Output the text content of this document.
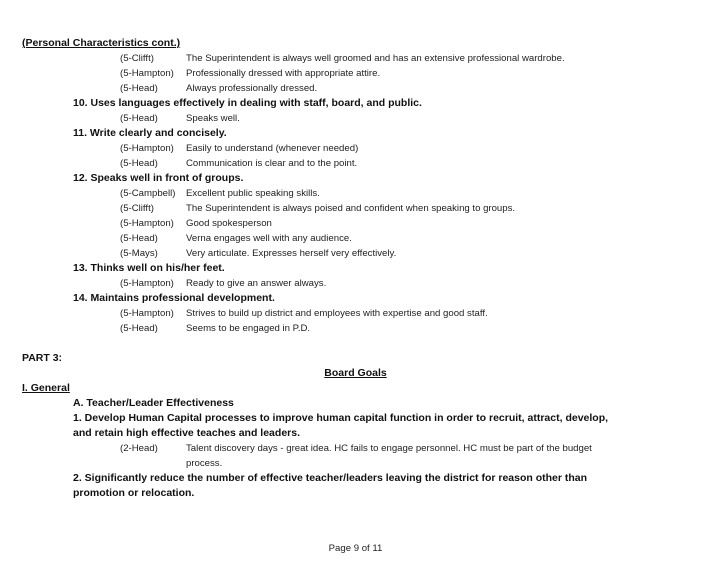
(Personal Characteristics cont.)
(5-Clifft)	The Superintendent is always well groomed and has an extensive professional wardrobe.
(5-Hampton) Professionally dressed with appropriate attire.
(5-Head)	Always professionally dressed.
10. Uses languages effectively in dealing with staff, board, and public.
(5-Head)	Speaks well.
11. Write clearly and concisely.
(5-Hampton) Easily to understand (whenever needed)
(5-Head)	Communication is clear and to the point.
12. Speaks well in front of groups.
(5-Campbell) Excellent public speaking skills.
(5-Clifft)	The Superintendent is always poised and confident when speaking to groups.
(5-Hampton) Good spokesperson
(5-Head)	Verna engages well with any audience.
(5-Mays)	Very articulate. Expresses herself very effectively.
13. Thinks well on his/her feet.
(5-Hampton) Ready to give an answer always.
14. Maintains professional development.
(5-Hampton) Strives to build up district and employees with expertise and good staff.
(5-Head)	Seems to be engaged in P.D.
PART 3:
Board Goals
I. General
A. Teacher/Leader Effectiveness
1. Develop Human Capital processes to improve human capital function in order to recruit, attract, develop,
and retain high effective teaches and leaders.
(2-Head)	Talent discovery days - great idea. HC fails to engage personnel. HC must be part of the budget
process.
2. Significantly reduce the number of effective teacher/leaders leaving the district for reason other than
promotion or relocation.
Page 9 of 11
